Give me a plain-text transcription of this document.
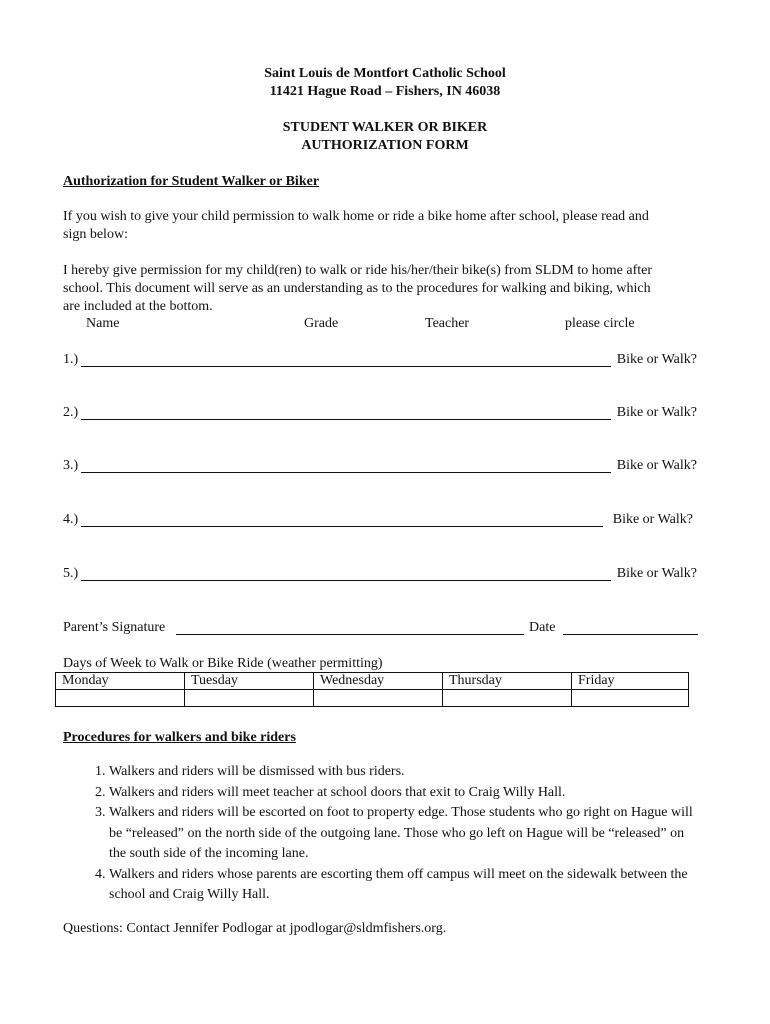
Saint Louis de Montfort Catholic School
11421 Hague Road – Fishers, IN 46038
STUDENT WALKER OR BIKER
AUTHORIZATION FORM
Authorization for Student Walker or Biker
If you wish to give your child permission to walk home or ride a bike home after school, please read and
sign below:
I hereby give permission for my child(ren) to walk or ride his/her/their bike(s) from SLDM to home after
school. This document will serve as an understanding as to the procedures for walking and biking, which
are included at the bottom.
Name	Grade	Teacher	please circle
1.)	Bike or Walk?
2.)	Bike or Walk?
3.)	Bike or Walk?
4.)	Bike or Walk?
5.)	Bike or Walk?
Parent’s Signature	Date
Days of Week to Walk or Bike Ride (weather permitting)
Monday	Tuesday	Wednesday	Thursday	Friday

Procedures for walkers and bike riders
1. Walkers and riders will be dismissed with bus riders.
2. Walkers and riders will meet teacher at school doors that exit to Craig Willy Hall.
3. Walkers and riders will be escorted on foot to property edge. Those students who go right on Hague will be “released” on the north side of the outgoing lane. Those who go left on Hague will be “released” on the south side of the incoming lane.
4. Walkers and riders whose parents are escorting them off campus will meet on the sidewalk between the school and Craig Willy Hall.
Questions: Contact Jennifer Podlogar at jpodlogar@sldmfishers.org.
